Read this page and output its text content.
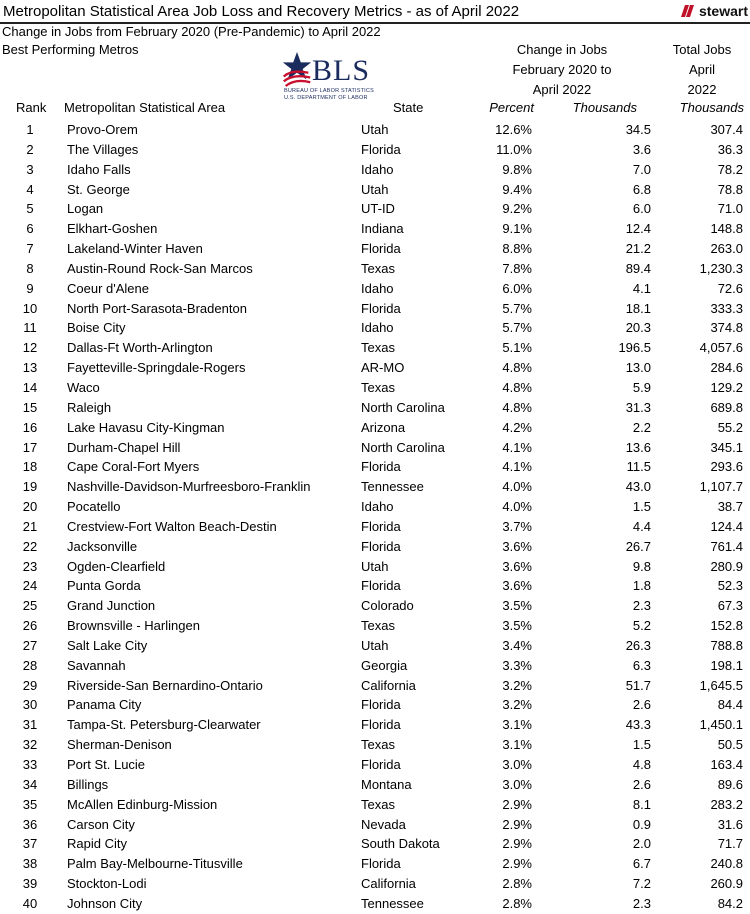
Metropolitan Statistical Area Job Loss and Recovery Metrics - as of April 2022	stewart
Change in Jobs from February 2020 (Pre-Pandemic) to April 2022
Best Performing Metros
BLS
BUREAU OF LABOR STATISTICS
U.S. DEPARTMENT OF LABOR
Change in Jobs
February 2020 to
April 2022
Total Jobs
April
2022
Rank Metropolitan Statistical Area	State	Percent	Thousands	Thousands
1	Provo-Orem	Utah	12.6%	34.5	307.4
2	The Villages	Florida	11.0%	3.6	36.3
3	Idaho Falls	Idaho	9.8%	7.0	78.2
4	St. George	Utah	9.4%	6.8	78.8
5	Logan	UT-ID	9.2%	6.0	71.0
6	Elkhart-Goshen	Indiana	9.1%	12.4	148.8
7	Lakeland-Winter Haven	Florida	8.8%	21.2	263.0
8	Austin-Round Rock-San Marcos	Texas	7.8%	89.4	1,230.3
9	Coeur d'Alene	Idaho	6.0%	4.1	72.6
10 North Port-Sarasota-Bradenton	Florida	5.7%	18.1	333.3
11 Boise City	Idaho	5.7%	20.3	374.8
12 Dallas-Ft Worth-Arlington	Texas	5.1%	196.5	4,057.6
13 Fayetteville-Springdale-Rogers	AR-MO	4.8%	13.0	284.6
14 Waco	Texas	4.8%	5.9	129.2
15 Raleigh	North Carolina	4.8%	31.3	689.8
16 Lake Havasu City-Kingman	Arizona	4.2%	2.2	55.2
17 Durham-Chapel Hill	North Carolina	4.1%	13.6	345.1
18 Cape Coral-Fort Myers	Florida	4.1%	11.5	293.6
19 Nashville-Davidson-Murfreesboro-Franklin	Tennessee	4.0%	43.0	1,107.7
20 Pocatello	Idaho	4.0%	1.5	38.7
21 Crestview-Fort Walton Beach-Destin	Florida	3.7%	4.4	124.4
22 Jacksonville	Florida	3.6%	26.7	761.4
23 Ogden-Clearfield	Utah	3.6%	9.8	280.9
24 Punta Gorda	Florida	3.6%	1.8	52.3
25 Grand Junction	Colorado	3.5%	2.3	67.3
26 Brownsville - Harlingen	Texas	3.5%	5.2	152.8
27 Salt Lake City	Utah	3.4%	26.3	788.8
28 Savannah	Georgia	3.3%	6.3	198.1
29 Riverside-San Bernardino-Ontario	California	3.2%	51.7	1,645.5
30 Panama City	Florida	3.2%	2.6	84.4
31 Tampa-St. Petersburg-Clearwater	Florida	3.1%	43.3	1,450.1
32 Sherman-Denison	Texas	3.1%	1.5	50.5
33 Port St. Lucie	Florida	3.0%	4.8	163.4
34 Billings	Montana	3.0%	2.6	89.6
35 McAllen Edinburg-Mission	Texas	2.9%	8.1	283.2
36 Carson City	Nevada	2.9%	0.9	31.6
37 Rapid City	South Dakota	2.9%	2.0	71.7
38 Palm Bay-Melbourne-Titusville	Florida	2.9%	6.7	240.8
39 Stockton-Lodi	California	2.8%	7.2	260.9
40 Johnson City	Tennessee	2.8%	2.3	84.2
